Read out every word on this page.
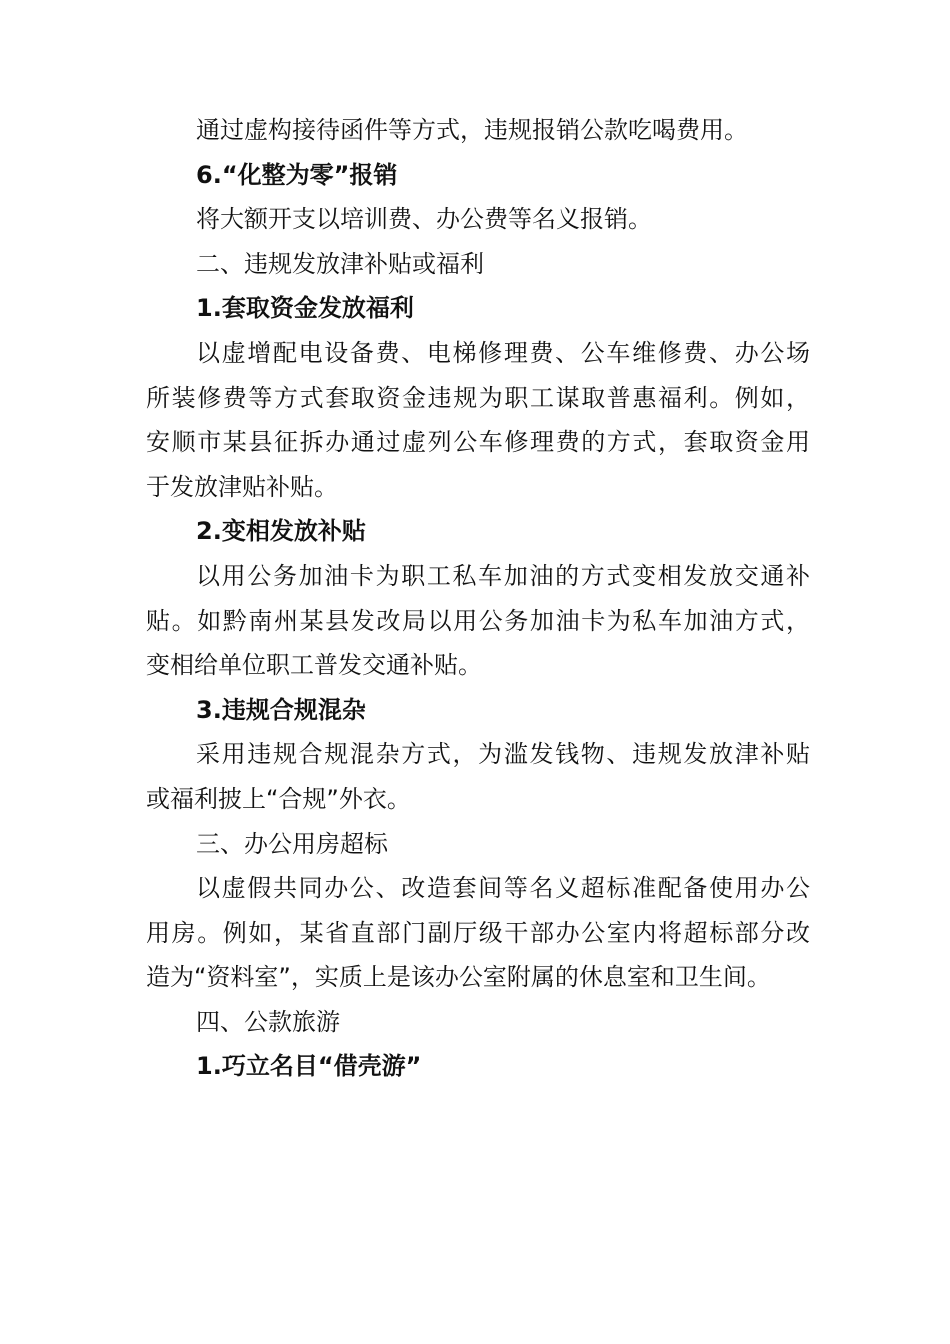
通过虚构接待函件等方式，违规报销公款吃喝费用。

6.“化整为零”报销

将大额开支以培训费、办公费等名义报销。

二、违规发放津补贴或福利

1.套取资金发放福利

以虚增配电设备费、电梯修理费、公车维修费、办公场

所装修费等方式套取资金违规为职工谋取普惠福利。例如，

安顺市某县征拆办通过虚列公车修理费的方式，套取资金用

于发放津贴补贴。

2.变相发放补贴

以用公务加油卡为职工私车加油的方式变相发放交通补

贴。如黔南州某县发改局以用公务加油卡为私车加油方式，

变相给单位职工普发交通补贴。

3.违规合规混杂

采用违规合规混杂方式，为滥发钱物、违规发放津补贴

或福利披上“合规”外衣。

三、办公用房超标

以虚假共同办公、改造套间等名义超标准配备使用办公

用房。例如，某省直部门副厅级干部办公室内将超标部分改

造为“资料室”，实质上是该办公室附属的休息室和卫生间。

四、公款旅游

1.巧立名目“借壳游”
